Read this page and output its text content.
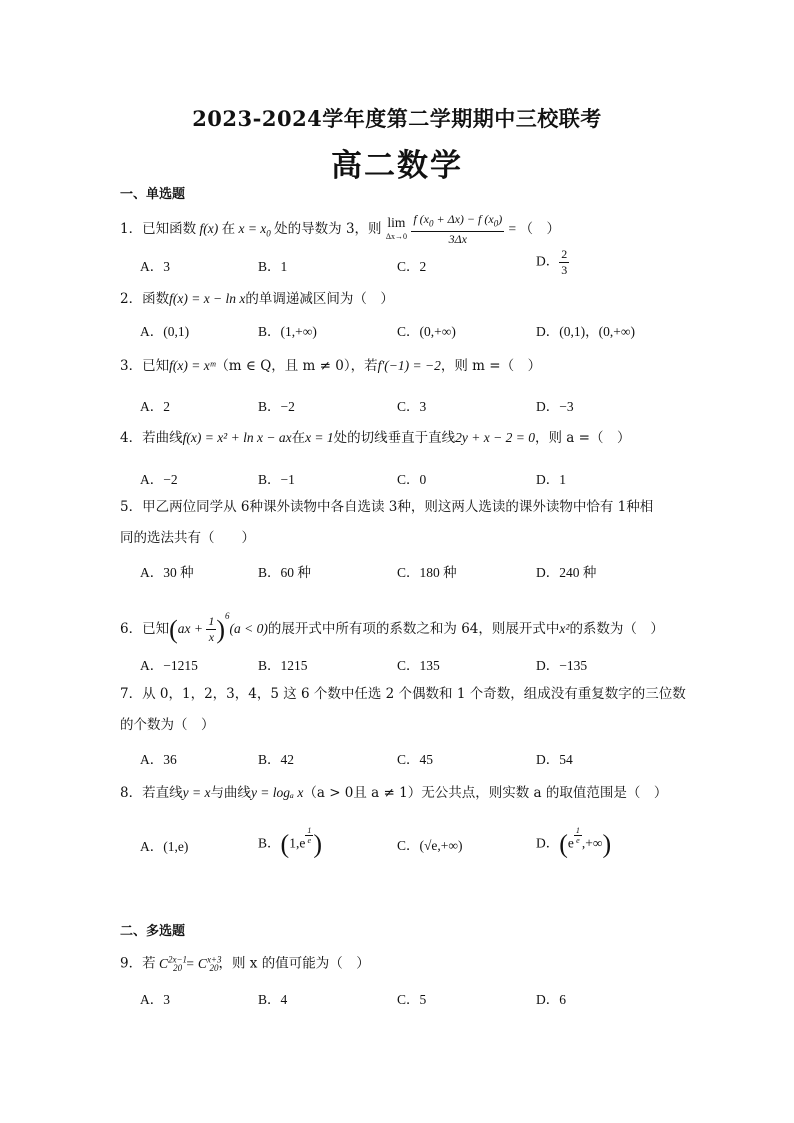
2023-2024学年度第二学期期中三校联考
高二数学
一、单选题
1．已知函数 f(x) 在 $x = x_0$ 处的导数为 3，则 lim
$\Delta x\to 0 \frac{f (x_0 + \Delta x) - f (x_0)}{3\Delta x}$ = （　）
A．3	B．1	C．2	D． $\frac{2}{3}$
2．函数f(x) = x − ln x的单调递减区间为（　）
A．(0,1)	B．(1,+∞)	C．(0,+∞)	D．(0,1)，(0,+∞)
3．已知f(x) = xᵐ（m ∈ Q，且 m ≠ 0），若f′(−1) = −2，则 m =（　）
A．2	B．−2	C．3	D．−3
4．若曲线f(x) = x² + ln x − ax在x = 1处的切线垂直于直线2y + x − 2 = 0，则 a =（　）
A．−2	B．−1	C．0	D．1
5．甲乙两位同学从 6种课外读物中各自选读 3种，则这两人选读的课外读物中恰有 1种相
同的选法共有（　　）
A．30 种	B．60 种	C．180 种	D．240 种
6．已知$(ax + \frac{1}{x} )^6(a < 0)$的展开式中所有项的系数之和为 64，则展开式中x²的系数为（　）
A．−1215	B．1215	C．135	D．−135
7．从 0，1，2，3，4，5 这 6 个数中任选 2 个偶数和 1 个奇数，组成没有重复数字的三位数
的个数为（　）
A．36	B．42	C．45	D．54
8．若直线y = x与曲线y = logₐ x（a > 0且 a ≠ 1）无公共点，则实数 a 的取值范围是（　）
A．(1,e)	B．(1,e $^{\frac{1}{e}}$ )	C．(√e,+∞)	D．(e $^{\frac{1}{e}}$ ,+∞)
二、多选题
9．若 $C^{2x-1}_{20} = C^{x+3}_{20}$，则 x 的值可能为（　）
A．3	B．4	C．5	D．6
